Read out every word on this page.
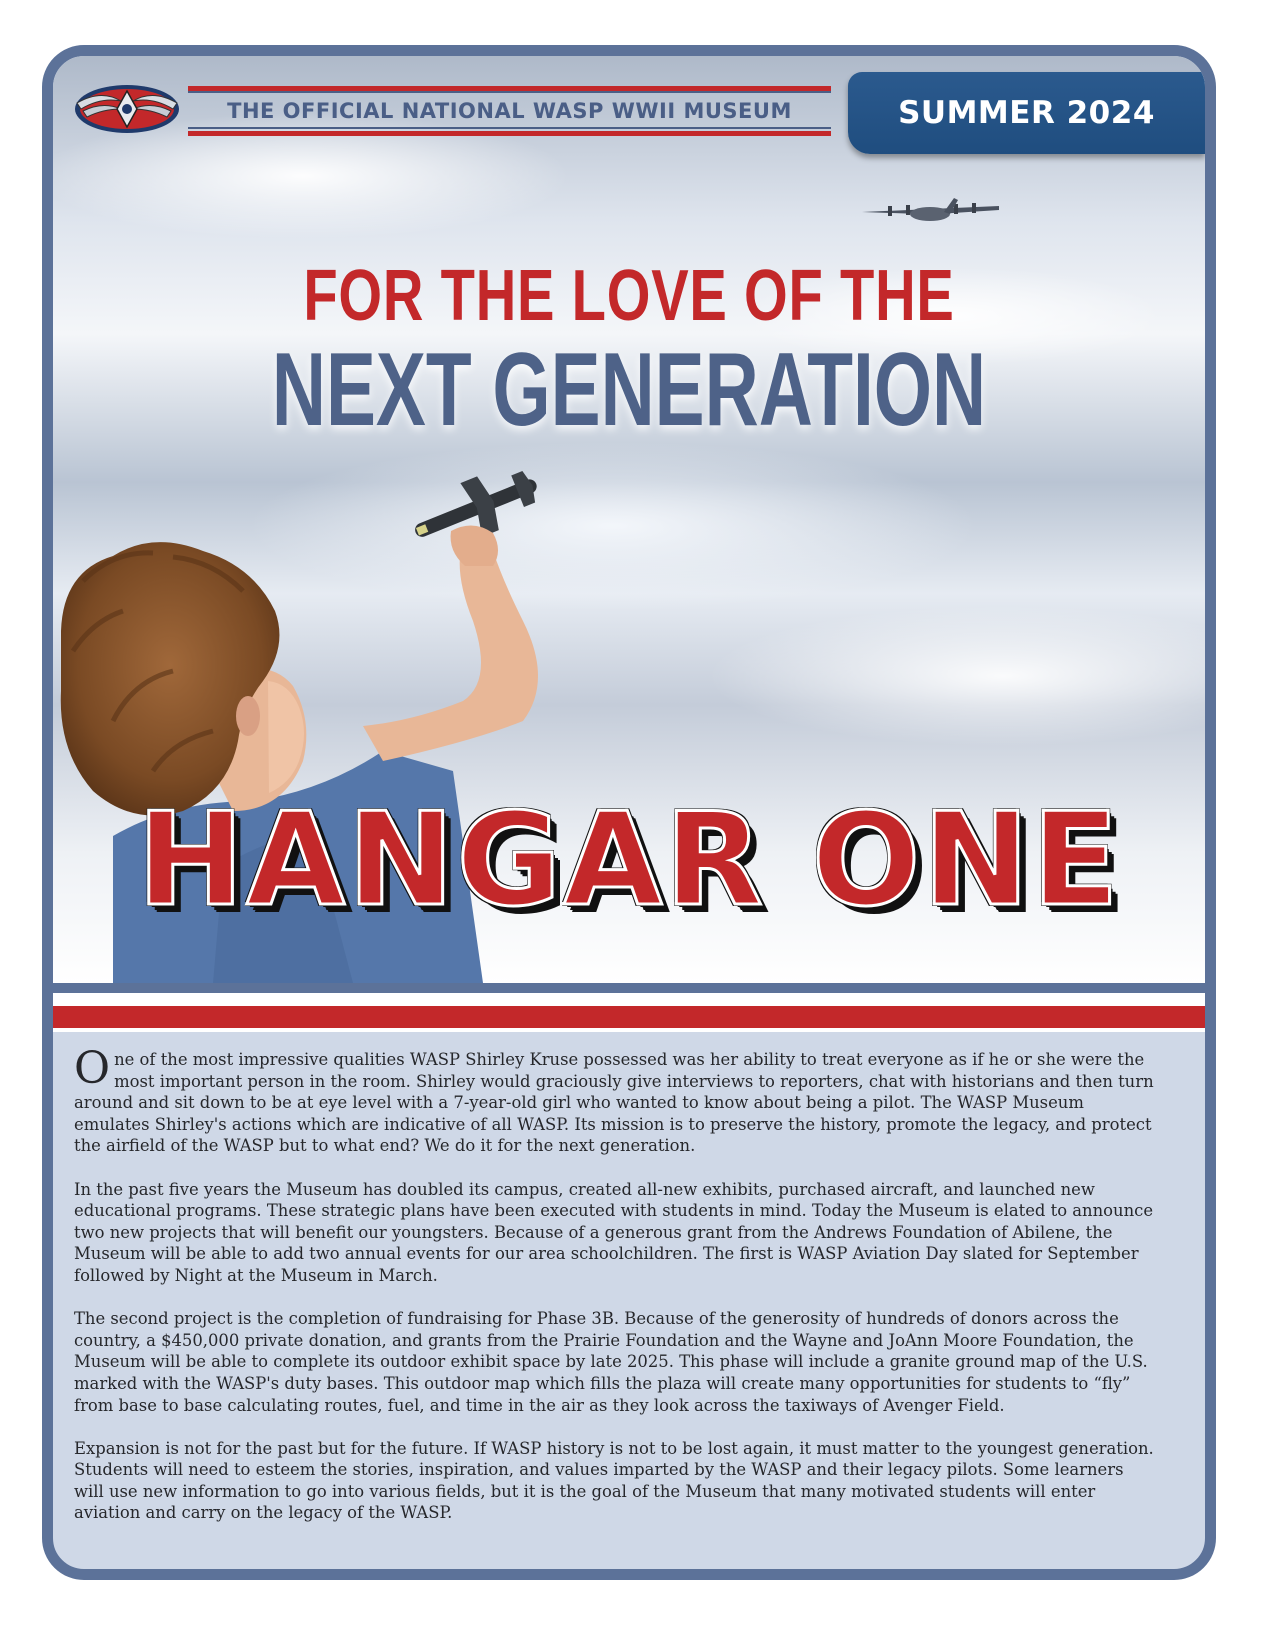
THE OFFICIAL NATIONAL WASP WWII MUSEUM	SUMMER 2024
FOR THE LOVE OF THE
NEXT GENERATION
HANGAR ONE

One of the most impressive qualities WASP Shirley Kruse possessed was her ability to treat everyone as if he or she were the most important person in the room. Shirley would graciously give interviews to reporters, chat with historians and then turn around and sit down to be at eye level with a 7-year-old girl who wanted to know about being a pilot. The WASP Museum emulates Shirley's actions which are indicative of all WASP. Its mission is to preserve the history, promote the legacy, and protect the airfield of the WASP but to what end? We do it for the next generation.

In the past five years the Museum has doubled its campus, created all-new exhibits, purchased aircraft, and launched new educational programs. These strategic plans have been executed with students in mind. Today the Museum is elated to announce two new projects that will benefit our youngsters. Because of a generous grant from the Andrews Foundation of Abilene, the Museum will be able to add two annual events for our area schoolchildren. The first is WASP Aviation Day slated for September followed by Night at the Museum in March.

The second project is the completion of fundraising for Phase 3B. Because of the generosity of hundreds of donors across the country, a $450,000 private donation, and grants from the Prairie Foundation and the Wayne and JoAnn Moore Foundation, the Museum will be able to complete its outdoor exhibit space by late 2025. This phase will include a granite ground map of the U.S. marked with the WASP's duty bases. This outdoor map which fills the plaza will create many opportunities for students to “fly” from base to base calculating routes, fuel, and time in the air as they look across the taxiways of Avenger Field.

Expansion is not for the past but for the future. If WASP history is not to be lost again, it must matter to the youngest generation. Students will need to esteem the stories, inspiration, and values imparted by the WASP and their legacy pilots. Some learners will use new information to go into various fields, but it is the goal of the Museum that many motivated students will enter aviation and carry on the legacy of the WASP.
